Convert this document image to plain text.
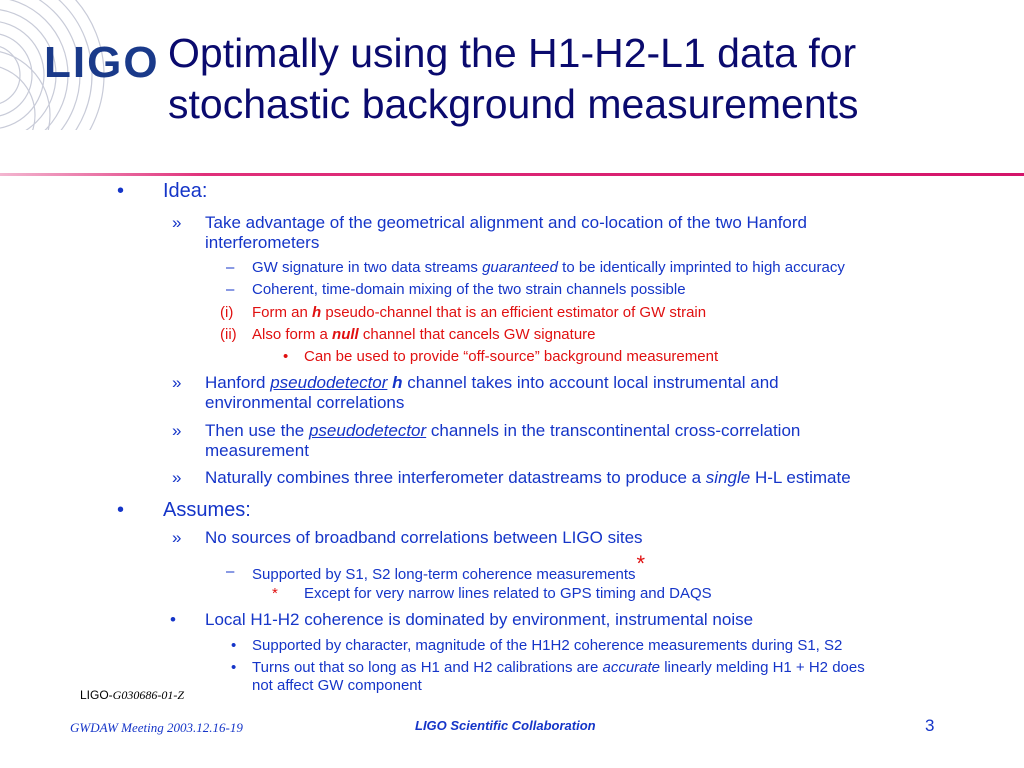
LIGO Optimally using the H1-H2-L1 data for
stochastic background measurements
• Idea:
» Take advantage of the geometrical alignment and co-location of the two Hanford
interferometers
– GW signature in two data streams guaranteed to be identically imprinted to high accuracy
– Coherent, time-domain mixing of the two strain channels possible
(i) Form an h pseudo-channel that is an efficient estimator of GW strain
(ii) Also form a null channel that cancels GW signature
• Can be used to provide “off-source” background measurement
» Hanford pseudodetector h channel takes into account local instrumental and
environmental correlations
» Then use the pseudodetector channels in the transcontinental cross-correlation
measurement
» Naturally combines three interferometer datastreams to produce a single H-L estimate
• Assumes:
» No sources of broadband correlations between LIGO sites
– Supported by S1, S2 long-term coherence measurements*
* Except for very narrow lines related to GPS timing and DAQS
• Local H1-H2 coherence is dominated by environment, instrumental noise
• Supported by character, magnitude of the H1H2 coherence measurements during S1, S2
• Turns out that so long as H1 and H2 calibrations are accurate linearly melding H1 + H2 does
not affect GW component
LIGO-G030686-01-Z
GWDAW Meeting 2003.12.16-19	LIGO Scientific Collaboration	3
